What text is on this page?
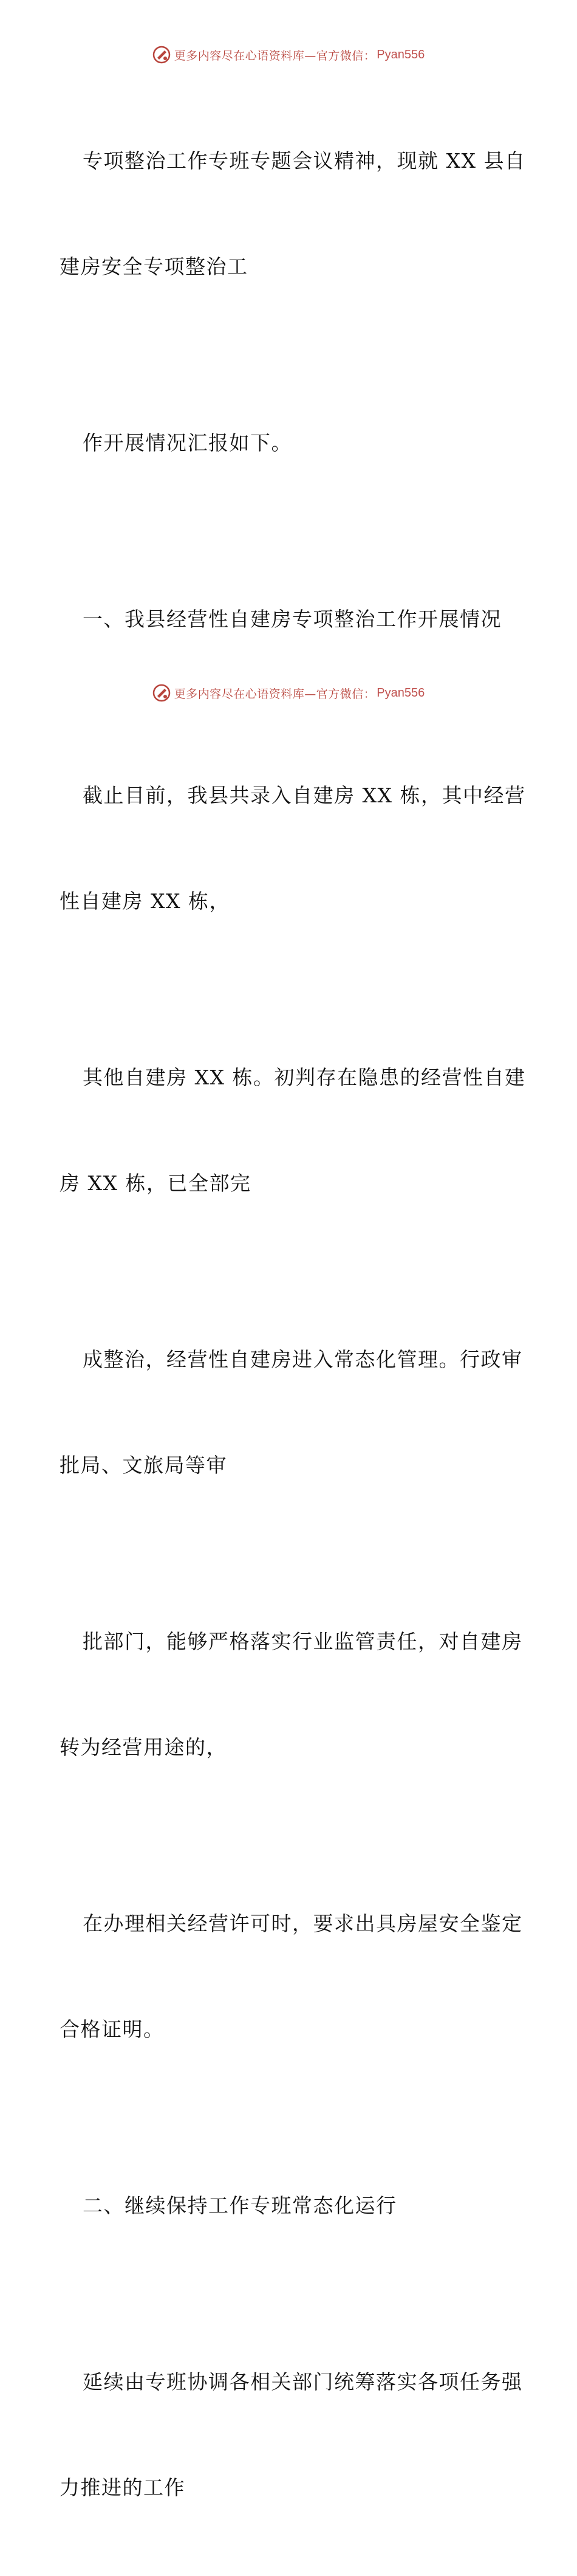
更多内容尽在心语资料库—官方微信： Pyan556

专项整治工作专班专题会议精神，现就 XX 县自

建房安全专项整治工

作开展情况汇报如下。

一、我县经营性自建房专项整治工作开展情况

截止目前，我县共录入自建房 XX 栋，其中经营

性自建房 XX 栋，

其他自建房 XX 栋。初判存在隐患的经营性自建

房 XX 栋，已全部完

成整治，经营性自建房进入常态化管理。行政审

批局、文旅局等审

批部门，能够严格落实行业监管责任，对自建房

转为经营用途的，

在办理相关经营许可时，要求出具房屋安全鉴定

合格证明。

二、继续保持工作专班常态化运行

延续由专班协调各相关部门统筹落实各项任务强

力推进的工作

更多内容尽在心语资料库—官方微信： Pyan556
